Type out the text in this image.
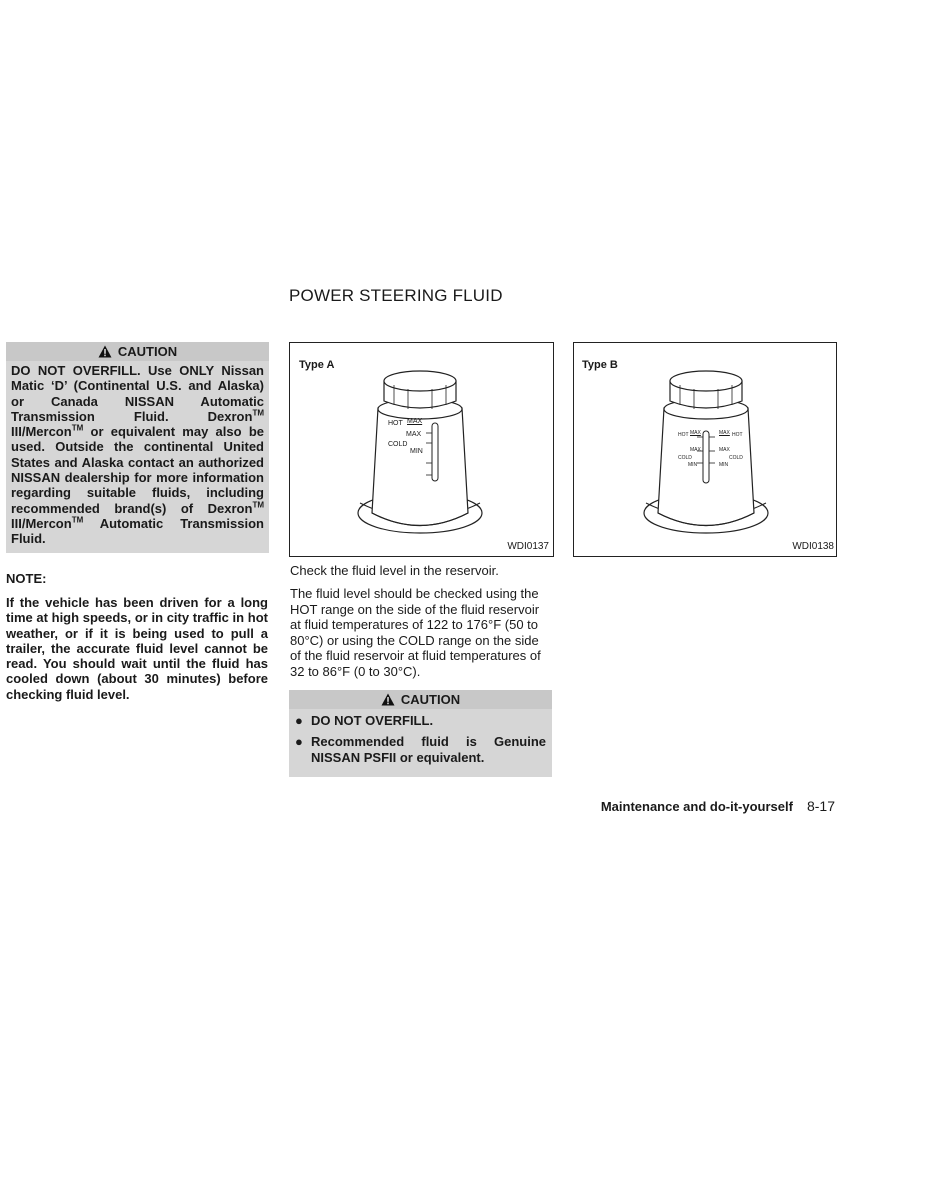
POWER STEERING FLUID
CAUTION
DO NOT OVERFILL. Use ONLY Nissan Matic ‘D’ (Continental U.S. and Alaska) or Canada NISSAN Automatic Transmission Fluid. Dexron™ III/Mercon™ or equivalent may also be used. Outside the continental United States and Alaska contact an authorized NISSAN dealership for more information regarding suitable fluids, including recommended brand(s) of Dexron™ III/Mercon™ Automatic Transmission Fluid.
NOTE:
If the vehicle has been driven for a long time at high speeds, or in city traffic in hot weather, or if it is being used to pull a trailer, the accurate fluid level cannot be read. You should wait until the fluid has cooled down (about 30 minutes) before checking fluid level.
Type A
HOT MAX
MAX
COLD
MIN
WDI0137
Type B
HOT MAX
MAX
COLD
MIN
MAX HOT
MAX
COLD
MIN
WDI0138
Check the fluid level in the reservoir.
The fluid level should be checked using the HOT range on the side of the fluid reservoir at fluid temperatures of 122 to 176°F (50 to 80°C) or using the COLD range on the side of the fluid reservoir at fluid temperatures of 32 to 86°F (0 to 30°C).
CAUTION
● DO NOT OVERFILL.
● Recommended fluid is Genuine NISSAN PSFII or equivalent.
Maintenance and do-it-yourself 8-17
